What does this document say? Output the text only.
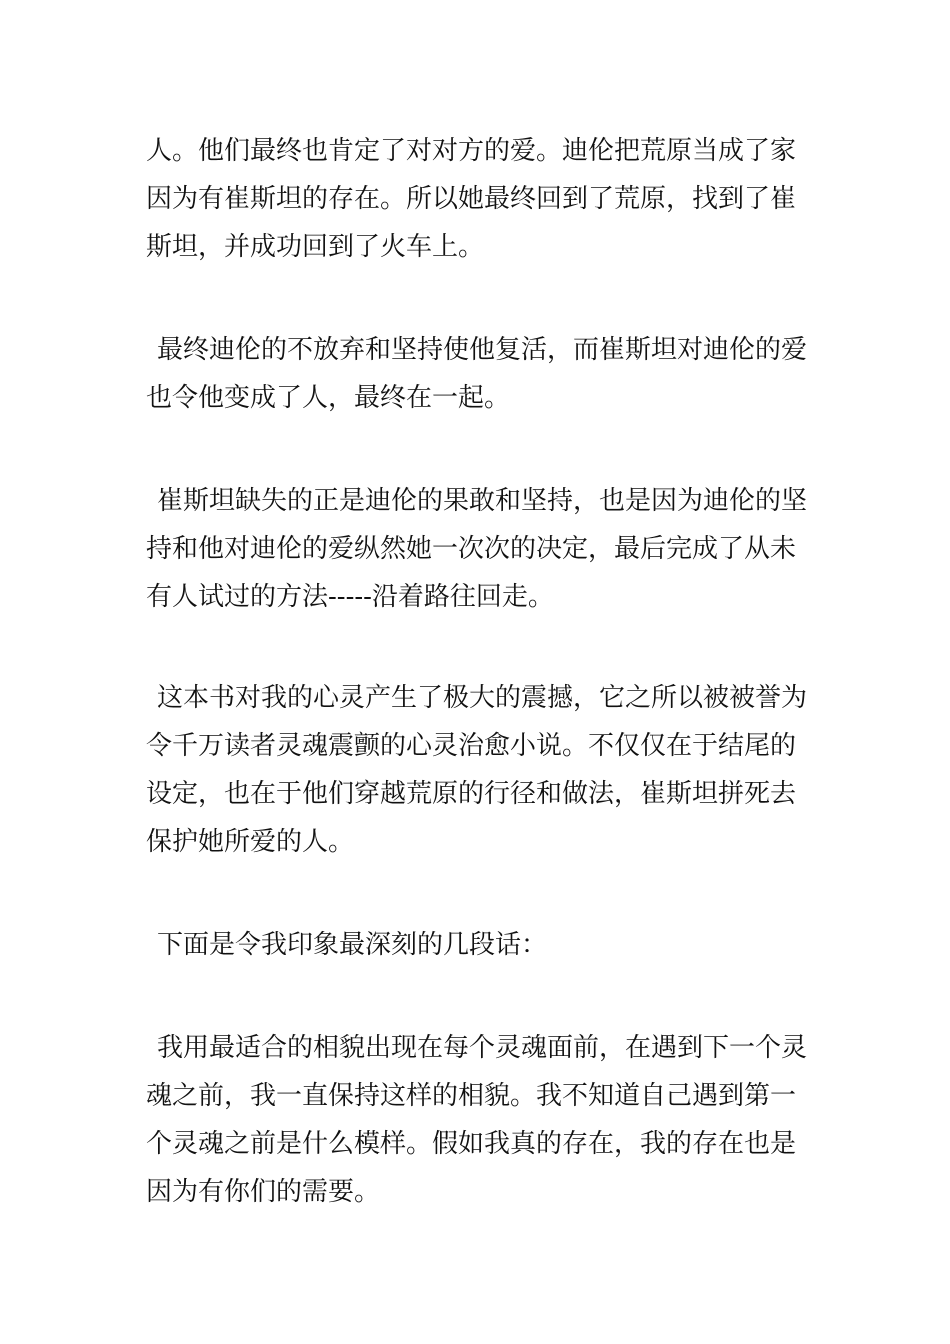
人。他们最终也肯定了对对方的爱。迪伦把荒原当成了家
因为有崔斯坦的存在。所以她最终回到了荒原，找到了崔
斯坦，并成功回到了火车上。
最终迪伦的不放弃和坚持使他复活，而崔斯坦对迪伦的爱
也令他变成了人，最终在一起。
崔斯坦缺失的正是迪伦的果敢和坚持，也是因为迪伦的坚
持和他对迪伦的爱纵然她一次次的决定，最后完成了从未
有人试过的方法-----沿着路往回走。
这本书对我的心灵产生了极大的震撼，它之所以被被誉为
令千万读者灵魂震颤的心灵治愈小说。不仅仅在于结尾的
设定，也在于他们穿越荒原的行径和做法，崔斯坦拼死去
保护她所爱的人。
下面是令我印象最深刻的几段话：
我用最适合的相貌出现在每个灵魂面前，在遇到下一个灵
魂之前，我一直保持这样的相貌。我不知道自己遇到第一
个灵魂之前是什么模样。假如我真的存在，我的存在也是
因为有你们的需要。
